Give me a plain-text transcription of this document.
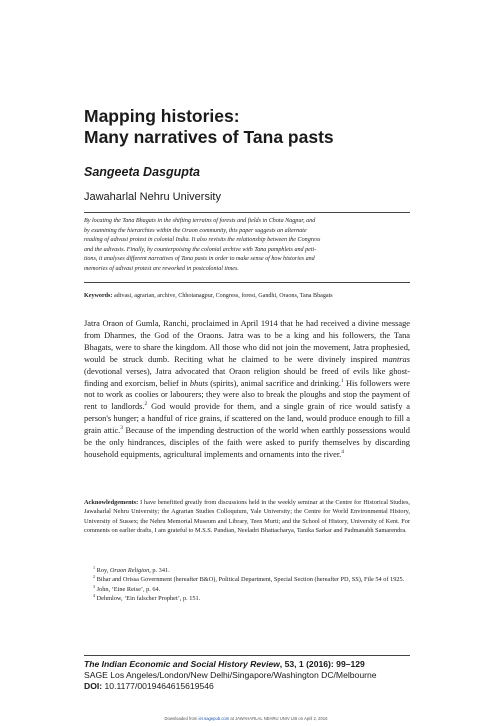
Mapping histories:
Many narratives of Tana pasts
Sangeeta Dasgupta
Jawaharlal Nehru University
By locating the Tana Bhagats in the shifting terrains of forests and fields in Chota Nagpur, and
by examining the hierarchies within the Oraon community, this paper suggests an alternate
reading of adivasi protest in colonial India. It also revisits the relationship between the Congress
and the adivasis. Finally, by counterpoising the colonial archive with Tana pamphlets and peti-
tions, it analyses different narratives of Tana pasts in order to make sense of how histories and
memories of adivasi protest are reworked in postcolonial times.
Keywords: adivasi, agrarian, archive, Chhotanagpur, Congress, forest, Gandhi, Oraons, Tana Bhagats

Jatra Oraon of Gumla, Ranchi, proclaimed in April 1914 that he had received a divine message from Dharmes, the God of the Oraons. Jatra was to be a king and his followers, the Tana Bhagats, were to share the kingdom. All those who did not join the movement, Jatra prophesied, would be struck dumb. Reciting what he claimed to be were divinely inspired mantras (devotional verses), Jatra advocated that Oraon religion should be freed of evils like ghost-finding and exorcism, belief in bhuts (spirits), animal sacrifice and drinking.$^1$ His followers were not to work as coolies or labourers; they were also to break the ploughs and stop the payment of rent to landlords.$^2$ God would provide for them, and a single grain of rice would satisfy a person's hunger; a handful of rice grains, if scattered on the land, would produce enough to fill a grain attic.$^3$ Because of the impending destruction of the world when earthly possessions would be the only hindrances, disciples of the faith were asked to purify themselves by discarding household equipments, agricultural implements and ornaments into the river.$^4$

Acknowledgements: I have benefitted greatly from discussions held in the weekly seminar at the Centre for Historical Studies, Jawaharlal Nehru University; the Agrarian Studies Colloquium, Yale University; the Centre for World Environmental History, University of Sussex; the Nehru Memorial Museum and Library, Teen Murti; and the School of History, University of Kent. For comments on earlier drafts, I am grateful to M.S.S. Pandian, Neeladri Bhattacharya, Tanika Sarkar and Padmanabh Samarendra.
$^1$ Roy, Oraon Religion, p. 341.
$^2$ Bihar and Orissa Government (hereafter B&O), Political Department, Special Section (hereafter PD, SS), File 54 of 1925.
$^3$ John, ‘Eine Reise’, p. 64.
$^4$ Dehmlow, ‘Ein falscher Prophet’, p. 151.
The Indian Economic and Social History Review, 53, 1 (2016): 99–129
SAGE Los Angeles/London/New Delhi/Singapore/Washington DC/Melbourne
DOI: 10.1177/0019464615619546
Downloaded from ier.sagepub.com at JAWAHARLAL NEHRU UNIV LIB on April 2, 2016
